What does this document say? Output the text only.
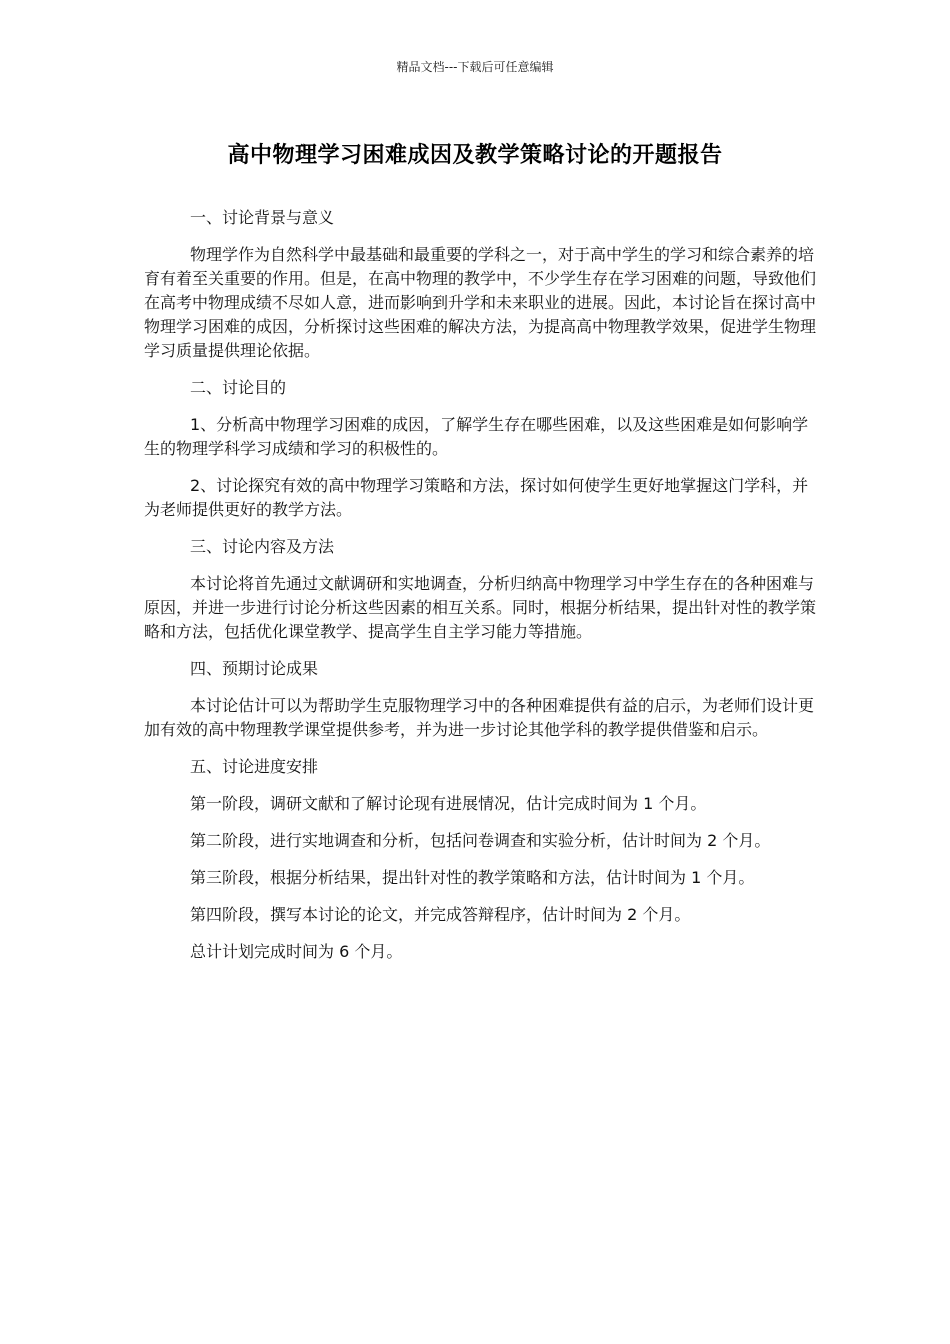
精品文档---下载后可任意编辑
高中物理学习困难成因及教学策略讨论的开题报告
一、讨论背景与意义

物理学作为自然科学中最基础和最重要的学科之一，对于高中学生的学习和综合素养的培育有着至关重要的作用。但是，在高中物理的教学中，不少学生存在学习困难的问题，导致他们在高考中物理成绩不尽如人意，进而影响到升学和未来职业的进展。因此，本讨论旨在探讨高中物理学习困难的成因，分析探讨这些困难的解决方法，为提高高中物理教学效果，促进学生物理学习质量提供理论依据。

二、讨论目的

1、分析高中物理学习困难的成因，了解学生存在哪些困难，以及这些困难是如何影响学生的物理学科学习成绩和学习的积极性的。

2、讨论探究有效的高中物理学习策略和方法，探讨如何使学生更好地掌握这门学科，并为老师提供更好的教学方法。

三、讨论内容及方法

本讨论将首先通过文献调研和实地调查，分析归纳高中物理学习中学生存在的各种困难与原因，并进一步进行讨论分析这些因素的相互关系。同时，根据分析结果，提出针对性的教学策略和方法，包括优化课堂教学、提高学生自主学习能力等措施。

四、预期讨论成果

本讨论估计可以为帮助学生克服物理学习中的各种困难提供有益的启示，为老师们设计更加有效的高中物理教学课堂提供参考，并为进一步讨论其他学科的教学提供借鉴和启示。

五、讨论进度安排
第一阶段，调研文献和了解讨论现有进展情况，估计完成时间为 1 个月。
第二阶段，进行实地调查和分析，包括问卷调查和实验分析，估计时间为 2 个月。
第三阶段，根据分析结果，提出针对性的教学策略和方法，估计时间为 1 个月。
第四阶段，撰写本讨论的论文，并完成答辩程序，估计时间为 2 个月。
总计计划完成时间为 6 个月。
